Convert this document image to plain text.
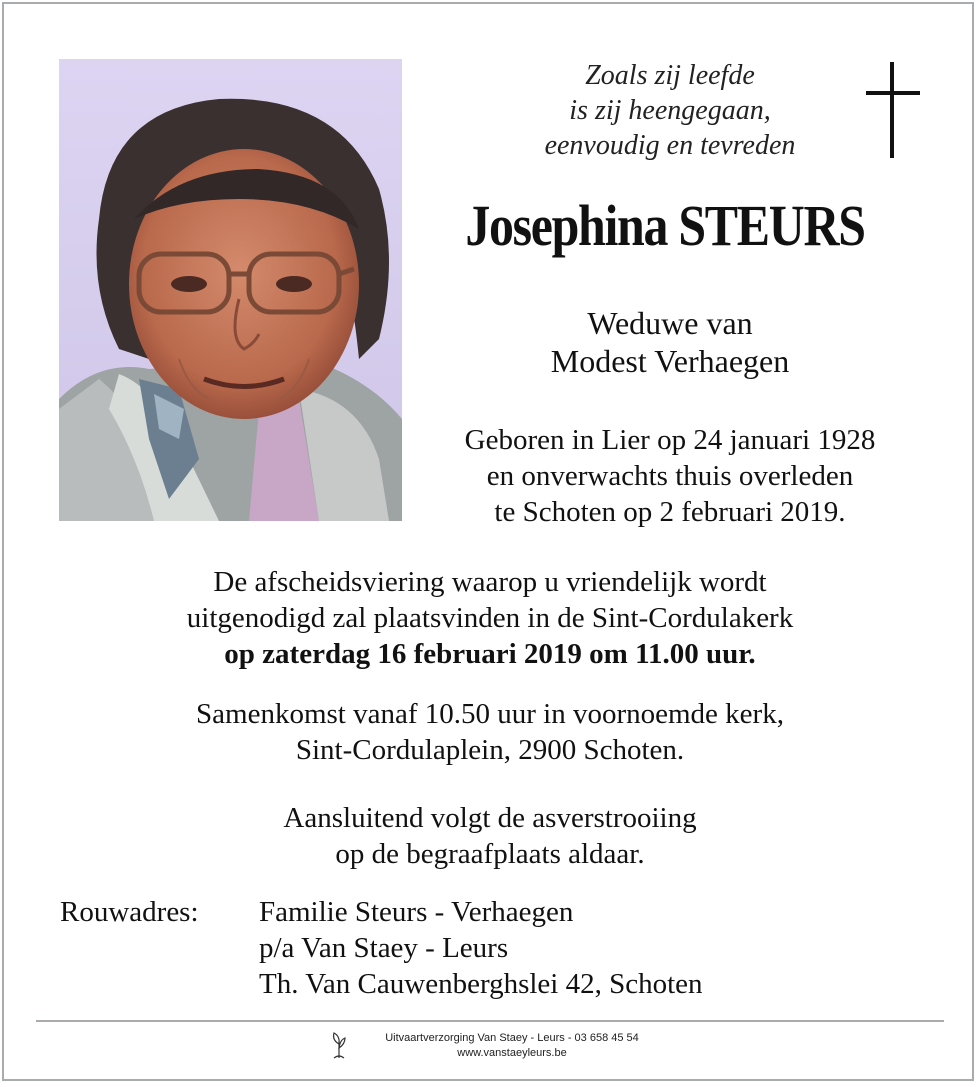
Zoals zij leefde
is zij heengegaan,
eenvoudig en tevreden
Josephina STEURS
Weduwe van
Modest Verhaegen
Geboren in Lier op 24 januari 1928
en onverwachts thuis overleden
te Schoten op 2 februari 2019.
De afscheidsviering waarop u vriendelijk wordt
uitgenodigd zal plaatsvinden in de Sint-Cordulakerk
op zaterdag 16 februari 2019 om 11.00 uur.
Samenkomst vanaf 10.50 uur in voornoemde kerk,
Sint-Cordulaplein, 2900 Schoten.
Aansluitend volgt de asverstrooiing
op de begraafplaats aldaar.
Rouwadres: Familie Steurs - Verhaegen
p/a Van Staey - Leurs
Th. Van Cauwenberghslei 42, Schoten
Uitvaartverzorging Van Staey - Leurs - 03 658 45 54
www.vanstaeyleurs.be
